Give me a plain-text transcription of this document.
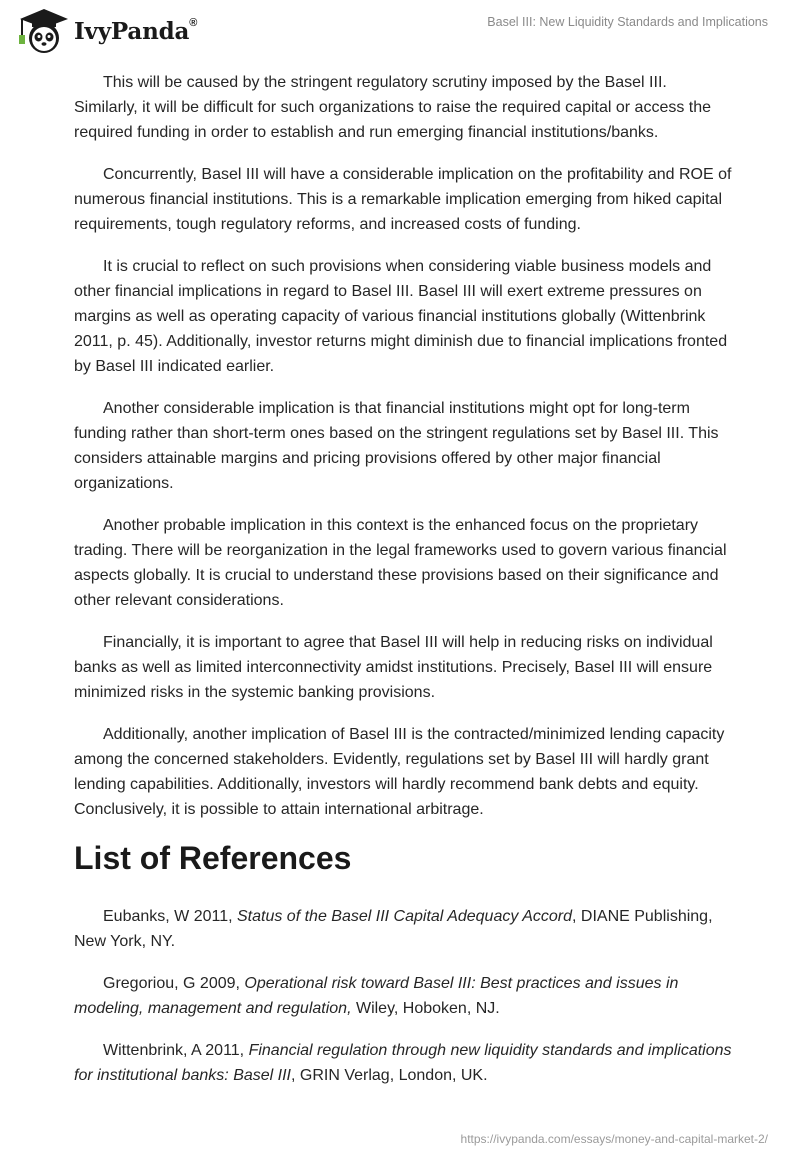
IvyPanda®	Basel III: New Liquidity Standards and Implications

This will be caused by the stringent regulatory scrutiny imposed by the Basel III. Similarly, it will be difficult for such organizations to raise the required capital or access the required funding in order to establish and run emerging financial institutions/banks.

Concurrently, Basel III will have a considerable implication on the profitability and ROE of numerous financial institutions. This is a remarkable implication emerging from hiked capital requirements, tough regulatory reforms, and increased costs of funding.

It is crucial to reflect on such provisions when considering viable business models and other financial implications in regard to Basel III. Basel III will exert extreme pressures on margins as well as operating capacity of various financial institutions globally (Wittenbrink 2011, p. 45). Additionally, investor returns might diminish due to financial implications fronted by Basel III indicated earlier.

Another considerable implication is that financial institutions might opt for long-term funding rather than short-term ones based on the stringent regulations set by Basel III. This considers attainable margins and pricing provisions offered by other major financial organizations.

Another probable implication in this context is the enhanced focus on the proprietary trading. There will be reorganization in the legal frameworks used to govern various financial aspects globally. It is crucial to understand these provisions based on their significance and other relevant considerations.

Financially, it is important to agree that Basel III will help in reducing risks on individual banks as well as limited interconnectivity amidst institutions. Precisely, Basel III will ensure minimized risks in the systemic banking provisions.

Additionally, another implication of Basel III is the contracted/minimized lending capacity among the concerned stakeholders. Evidently, regulations set by Basel III will hardly grant lending capabilities. Additionally, investors will hardly recommend bank debts and equity. Conclusively, it is possible to attain international arbitrage.

List of References

Eubanks, W 2011, Status of the Basel III Capital Adequacy Accord, DIANE Publishing, New York, NY.

Gregoriou, G 2009, Operational risk toward Basel III: Best practices and issues in modeling, management and regulation, Wiley, Hoboken, NJ.

Wittenbrink, A 2011, Financial regulation through new liquidity standards and implications for institutional banks: Basel III, GRIN Verlag, London, UK.

https://ivypanda.com/essays/money-and-capital-market-2/
